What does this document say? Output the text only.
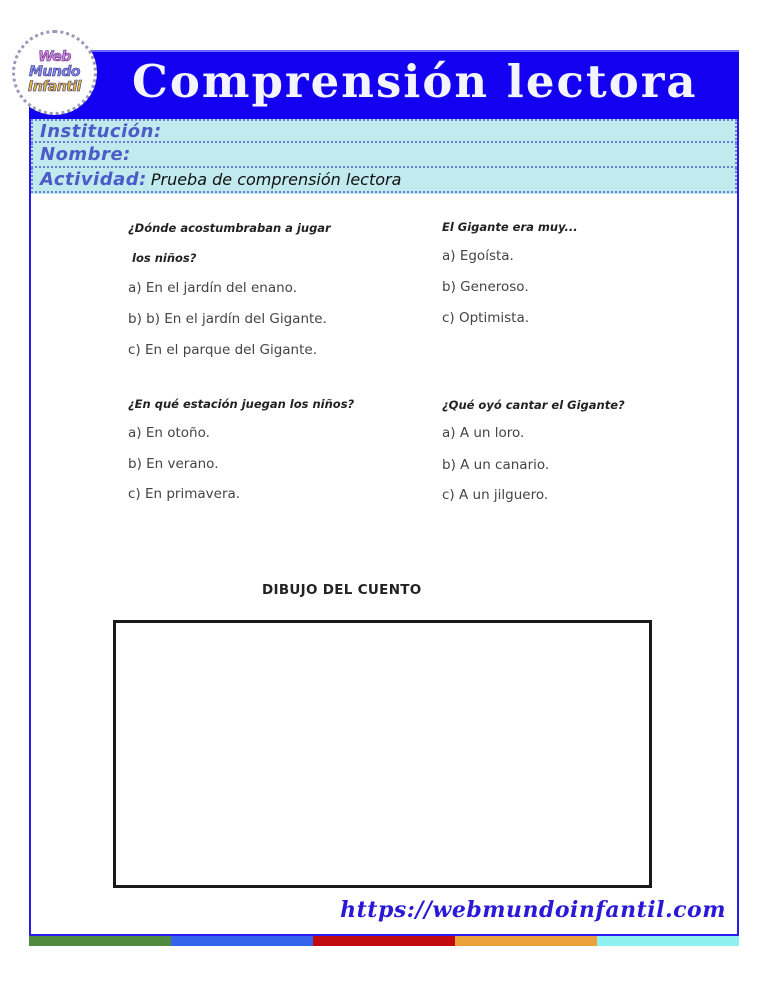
Comprensión lectora
Web
Mundo
Infantil
Institución:
Nombre:
Actividad: Prueba de comprensión lectora
¿Dónde acostumbraban a jugar
los niños?
a) En el jardín del enano.
b) b) En el jardín del Gigante.
c) En el parque del Gigante.
El Gigante era muy...
a) Egoísta.
b) Generoso.
c) Optimista.
¿En qué estación juegan los niños?
a) En otoño.
b) En verano.
c) En primavera.
¿Qué oyó cantar el Gigante?
a) A un loro.
b) A un canario.
c) A un jilguero.
DIBUJO DEL CUENTO
https://webmundoinfantil.com
